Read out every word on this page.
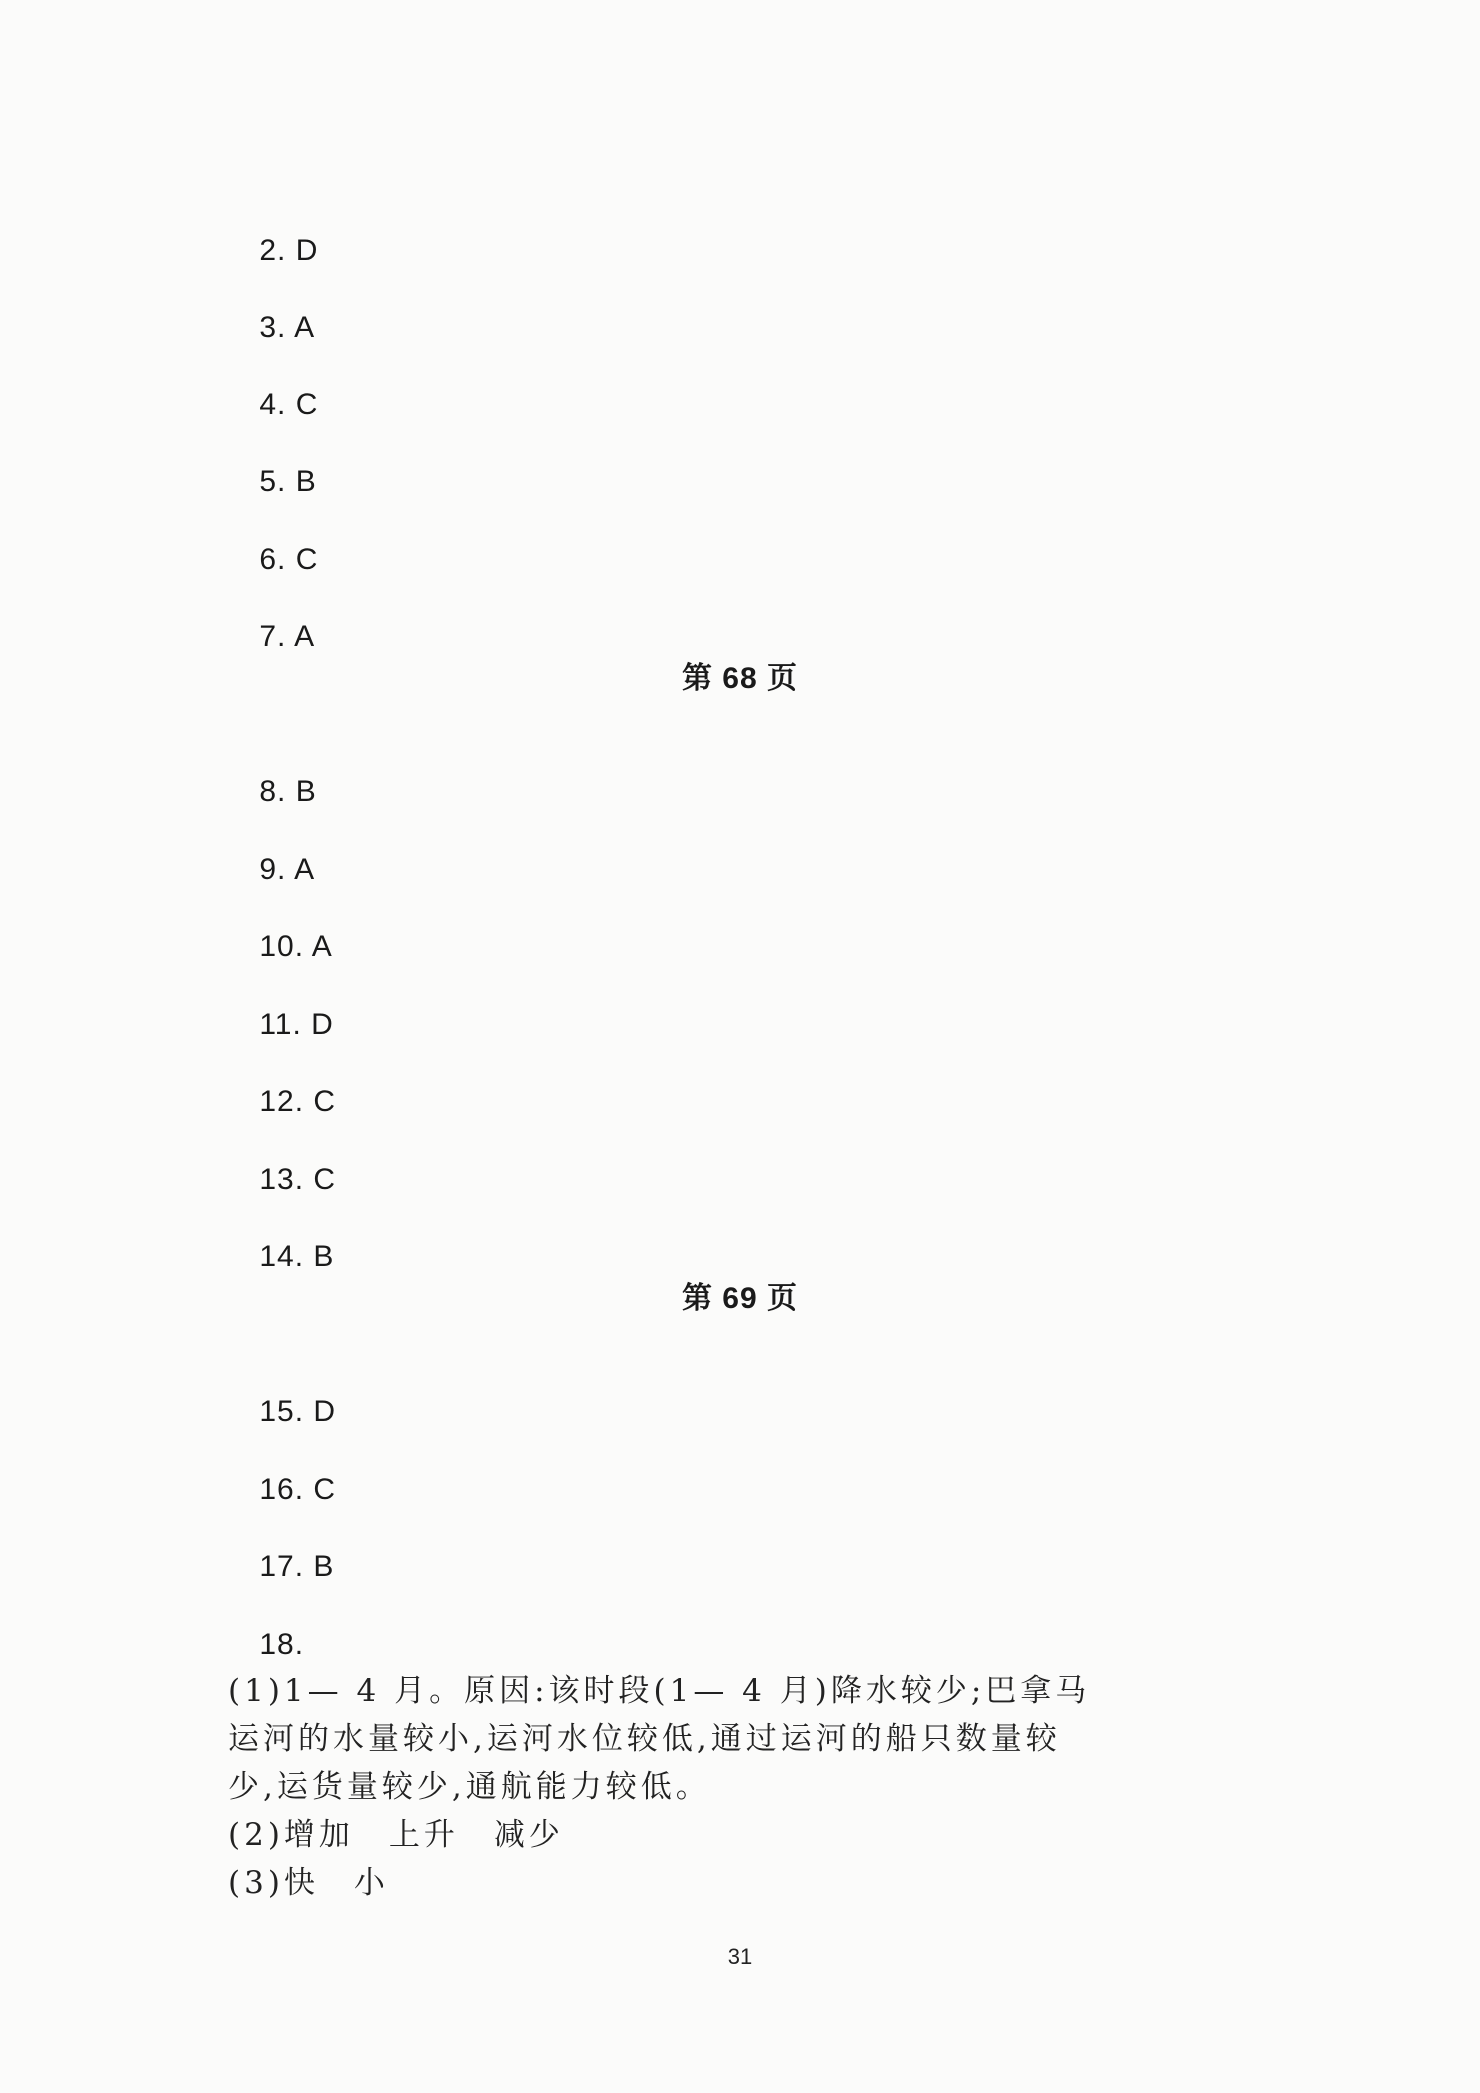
2. D

3. A

4. C

5. B

6. C

7. A

第 68 页

8. B

9. A

10. A

11. D

12. C

13. C

14. B

第 69 页

15. D

16. C

17. B

18.

(1)1— 4 月。原因:该时段(1— 4 月)降水较少;巴拿马

运河的水量较小,运河水位较低,通过运河的船只数量较

少,运货量较少,通航能力较低。

(2)增加　上升　减少

(3)快　小

31
